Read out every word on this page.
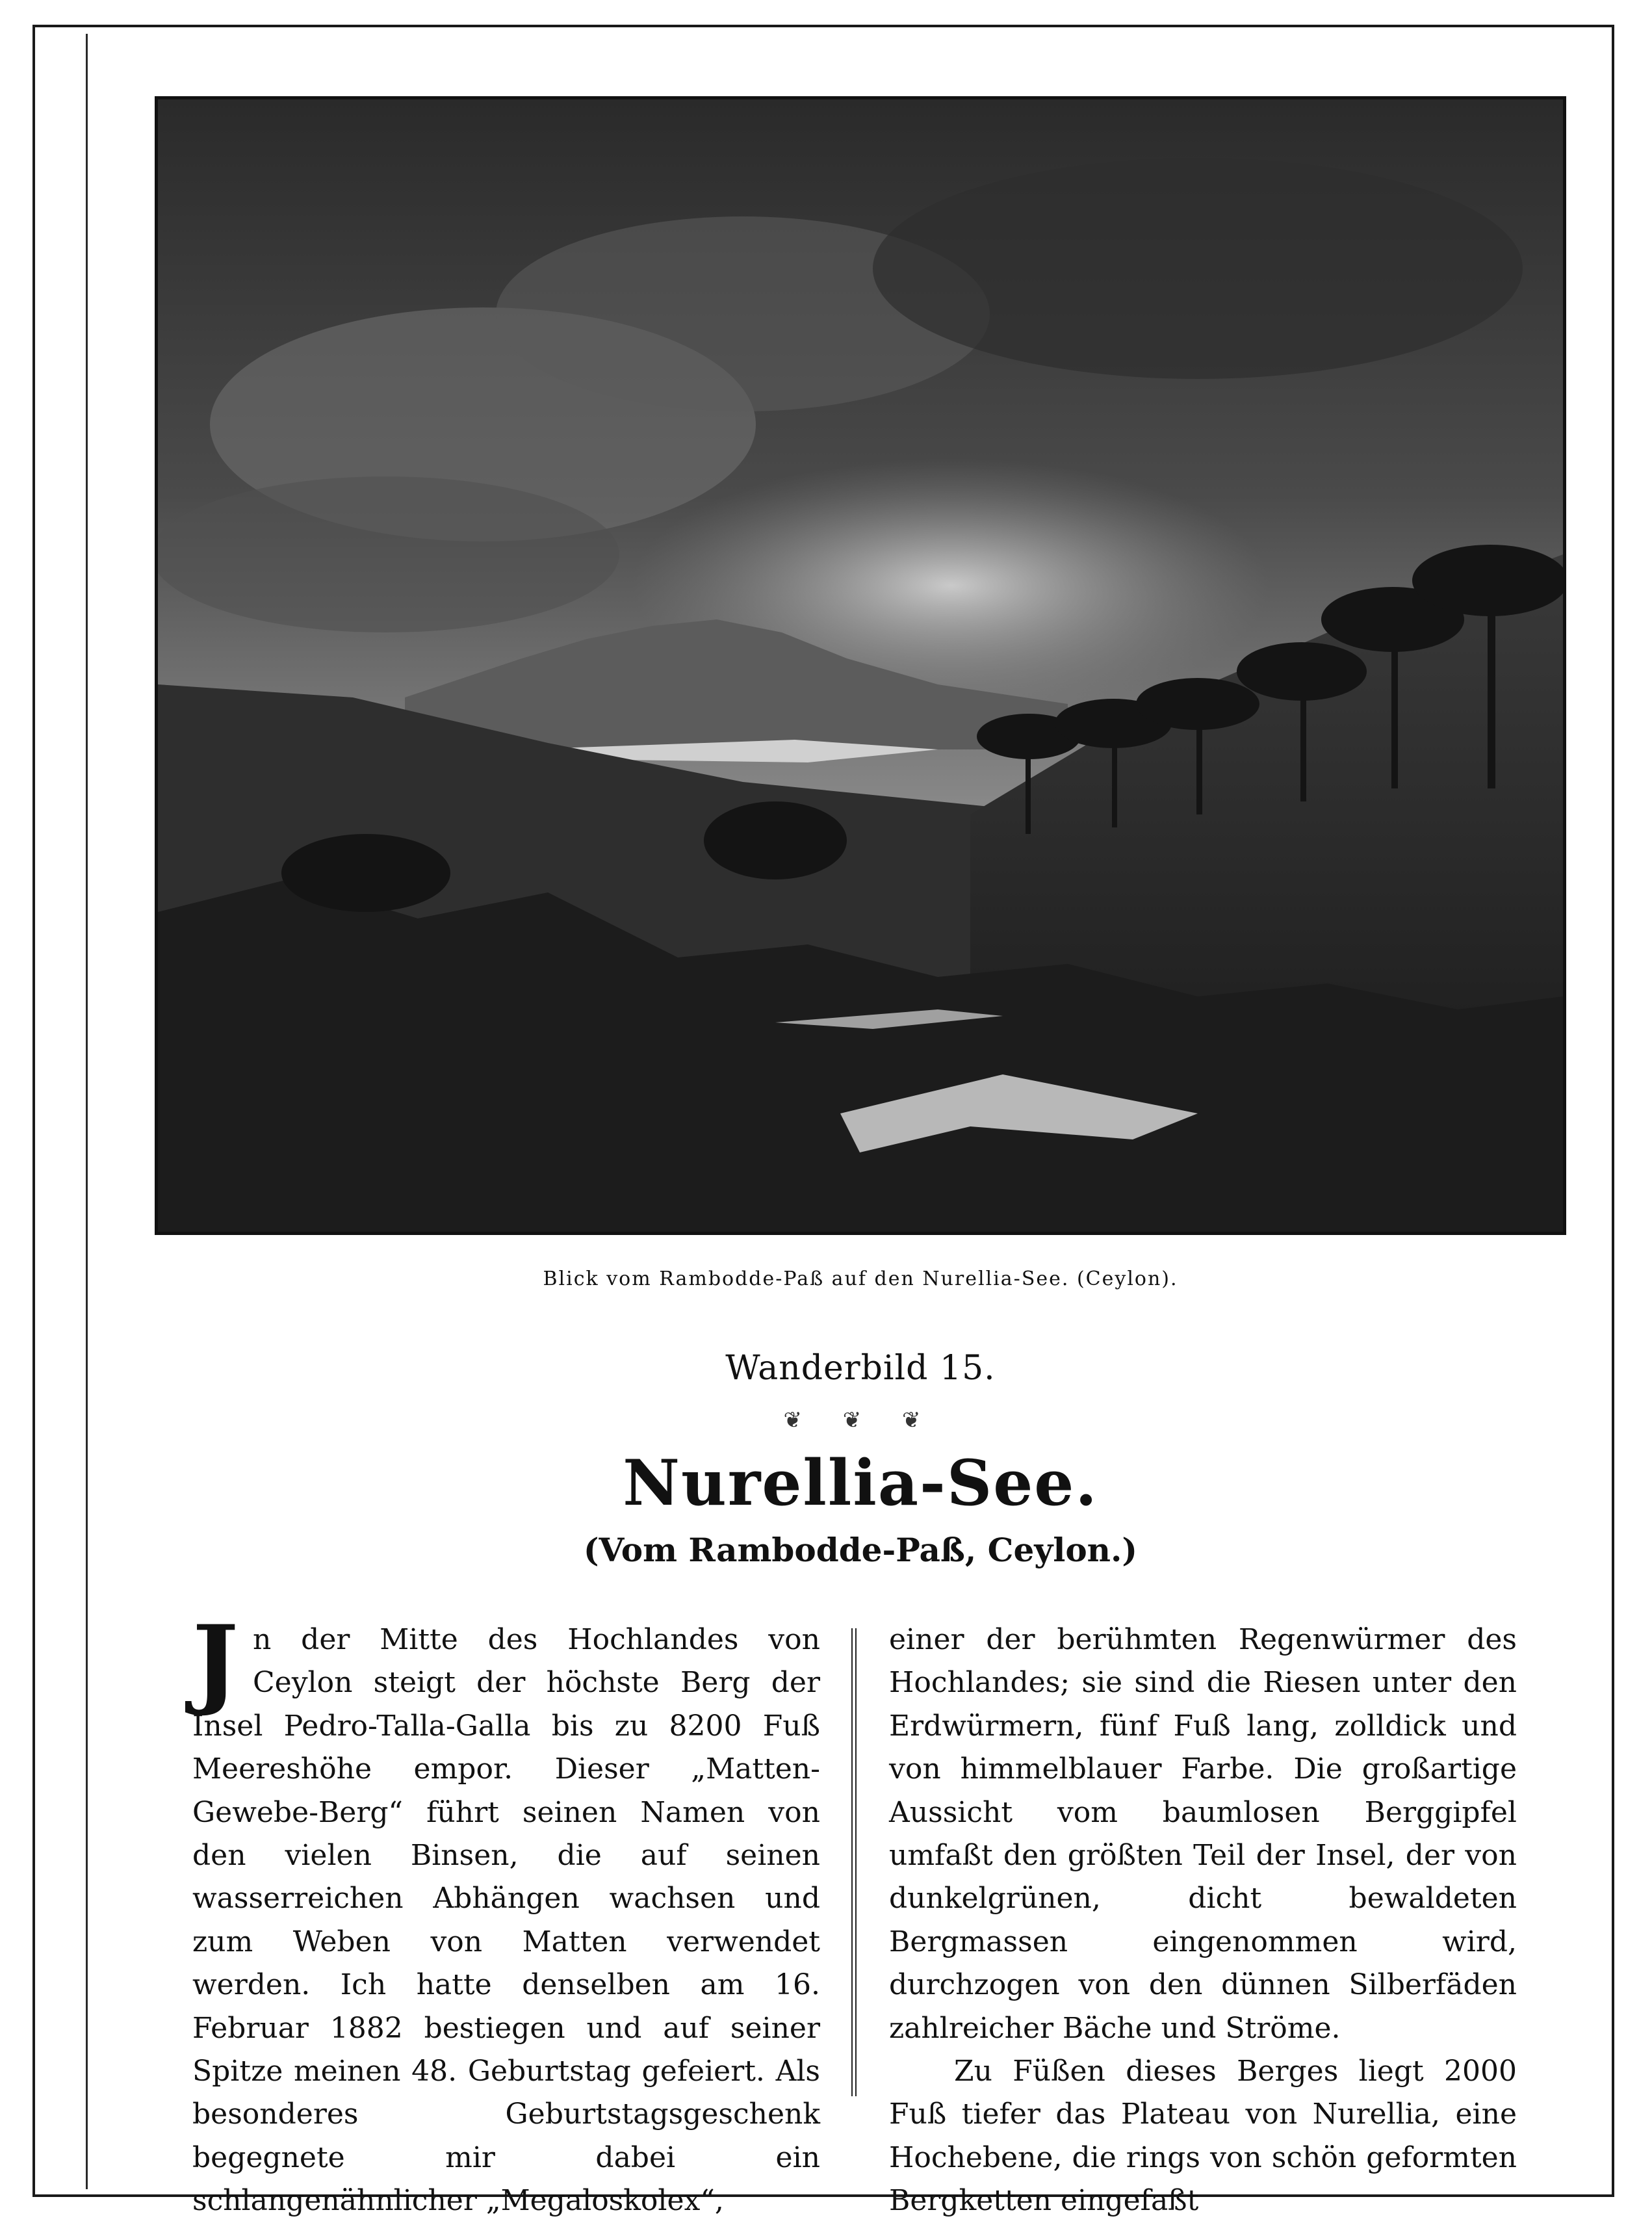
Blick vom Rambodde-Paß auf den Nurellia-See. (Ceylon).
Wanderbild 15.
❦ ❦ ❦
Nurellia-See.
(Vom Rambodde-Paß, Ceylon.)

Jn der Mitte des Hochlandes von Ceylon steigt der höchste Berg der Insel Pedro-Talla-Galla bis zu 8200 Fuß Meereshöhe empor. Dieser „Matten-Gewebe-Berg“ führt seinen Namen von den vielen Binsen, die auf seinen wasserreichen Abhängen wachsen und zum Weben von Matten verwendet werden. Ich hatte denselben am 16. Februar 1882 bestiegen und auf seiner Spitze meinen 48. Geburtstag gefeiert. Als besonderes Geburtstagsgeschenk begegnete mir dabei ein schlangenähnlicher „Megaloskolex“,

einer der berühmten Regenwürmer des Hochlandes; sie sind die Riesen unter den Erdwürmern, fünf Fuß lang, zolldick und von himmelblauer Farbe. Die großartige Aussicht vom baumlosen Berggipfel umfaßt den größten Teil der Insel, der von dunkelgrünen, dicht bewaldeten Bergmassen eingenommen wird, durchzogen von den dünnen Silberfäden zahlreicher Bäche und Ströme.

Zu Füßen dieses Berges liegt 2000 Fuß tiefer das Plateau von Nurellia, eine Hochebene, die rings von schön geformten Bergketten eingefaßt
